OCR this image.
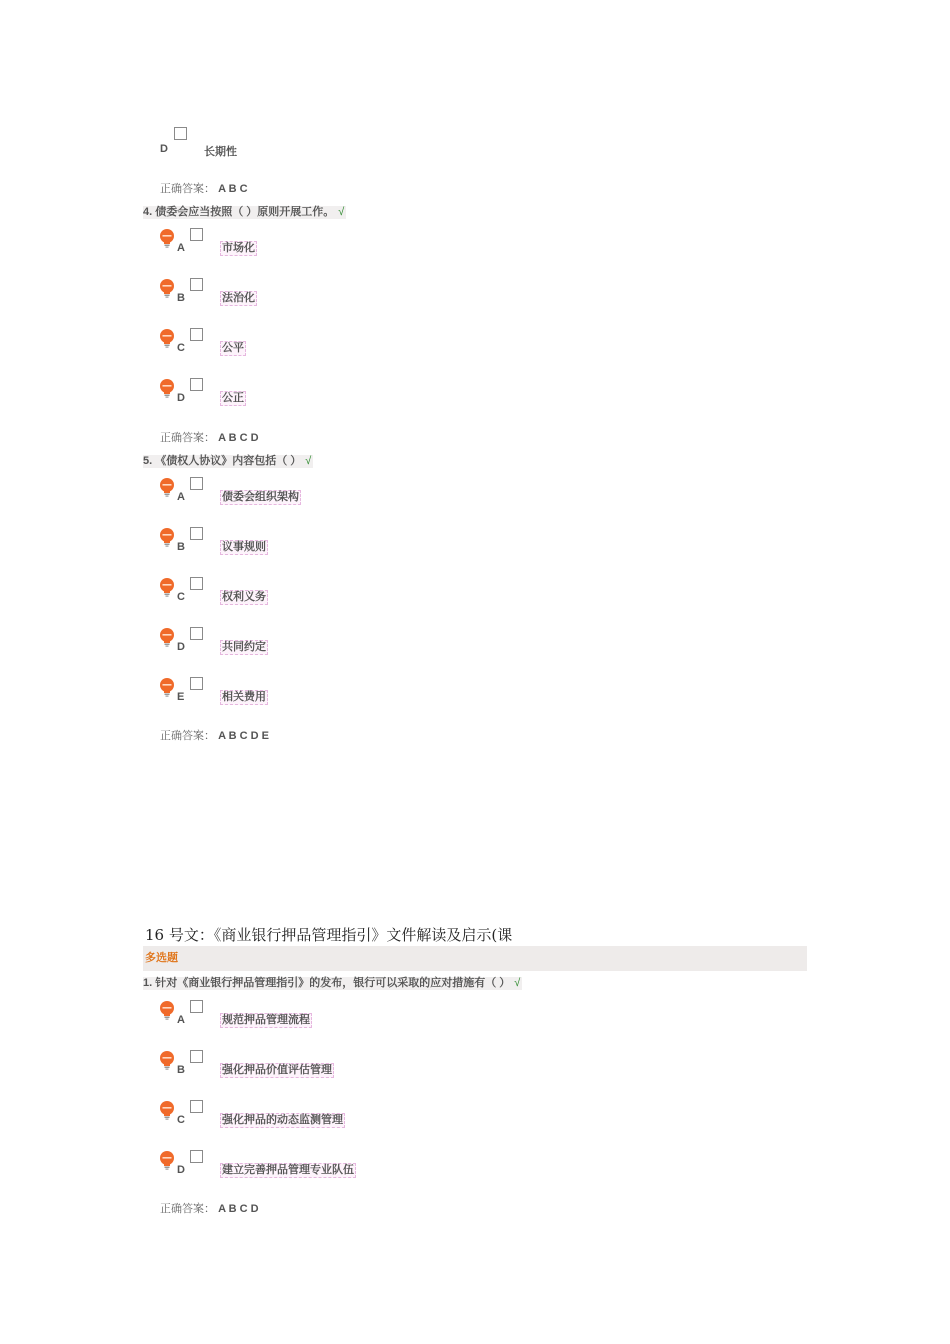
D	长期性
正确答案： A B C
4. 债委会应当按照（ ）原则开展工作。 √
A	市场化
B	法治化
C	公平
D	公正
正确答案： A B C D
5. 《债权人协议》内容包括（ ） √
A	债委会组织架构
B	议事规则
C	权利义务
D	共同约定
E	相关费用
正确答案： A B C D E
16 号文：《商业银行押品管理指引》文件解读及启示(课
多选题
1. 针对《商业银行押品管理指引》的发布，银行可以采取的应对措施有（ ） √
A	规范押品管理流程
B	强化押品价值评估管理
C	强化押品的动态监测管理
D	建立完善押品管理专业队伍
正确答案： A B C D
